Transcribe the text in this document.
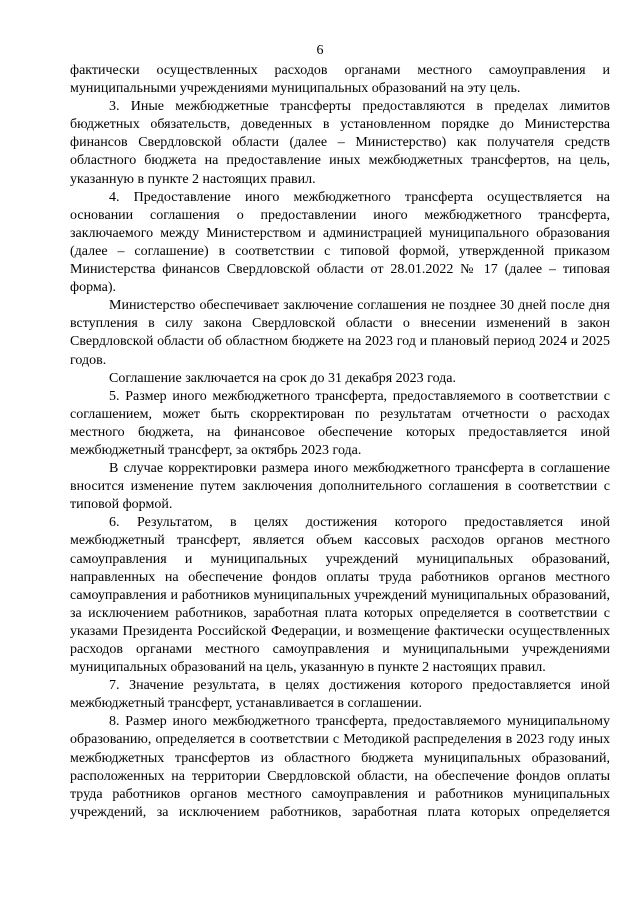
6

фактически осуществленных расходов органами местного самоуправления и муниципальными учреждениями муниципальных образований на эту цель.

3. Иные межбюджетные трансферты предоставляются в пределах лимитов бюджетных обязательств, доведенных в установленном порядке до Министерства финансов Свердловской области (далее – Министерство) как получателя средств областного бюджета на предоставление иных межбюджетных трансфертов, на цель, указанную в пункте 2 настоящих правил.

4. Предоставление иного межбюджетного трансферта осуществляется на основании соглашения о предоставлении иного межбюджетного трансферта, заключаемого между Министерством и администрацией муниципального образования (далее – соглашение) в соответствии с типовой формой, утвержденной приказом Министерства финансов Свердловской области от 28.01.2022 № 17 (далее – типовая форма).

Министерство обеспечивает заключение соглашения не позднее 30 дней после дня вступления в силу закона Свердловской области о внесении изменений в закон Свердловской области об областном бюджете на 2023 год и плановый период 2024 и 2025 годов.

Соглашение заключается на срок до 31 декабря 2023 года.

5. Размер иного межбюджетного трансферта, предоставляемого в соответствии с соглашением, может быть скорректирован по результатам отчетности о расходах местного бюджета, на финансовое обеспечение которых предоставляется иной межбюджетный трансферт, за октябрь 2023 года.

В случае корректировки размера иного межбюджетного трансферта в соглашение вносится изменение путем заключения дополнительного соглашения в соответствии с типовой формой.

6. Результатом, в целях достижения которого предоставляется иной межбюджетный трансферт, является объем кассовых расходов органов местного самоуправления и муниципальных учреждений муниципальных образований, направленных на обеспечение фондов оплаты труда работников органов местного самоуправления и работников муниципальных учреждений муниципальных образований, за исключением работников, заработная плата которых определяется в соответствии с указами Президента Российской Федерации, и возмещение фактически осуществленных расходов органами местного самоуправления и муниципальными учреждениями муниципальных образований на цель, указанную в пункте 2 настоящих правил.

7. Значение результата, в целях достижения которого предоставляется иной межбюджетный трансферт, устанавливается в соглашении.

8. Размер иного межбюджетного трансферта, предоставляемого муниципальному образованию, определяется в соответствии с Методикой распределения в 2023 году иных межбюджетных трансфертов из областного бюджета муниципальных образований, расположенных на территории Свердловской области, на обеспечение фондов оплаты труда работников органов местного самоуправления и работников муниципальных учреждений, за исключением работников, заработная плата которых определяется
